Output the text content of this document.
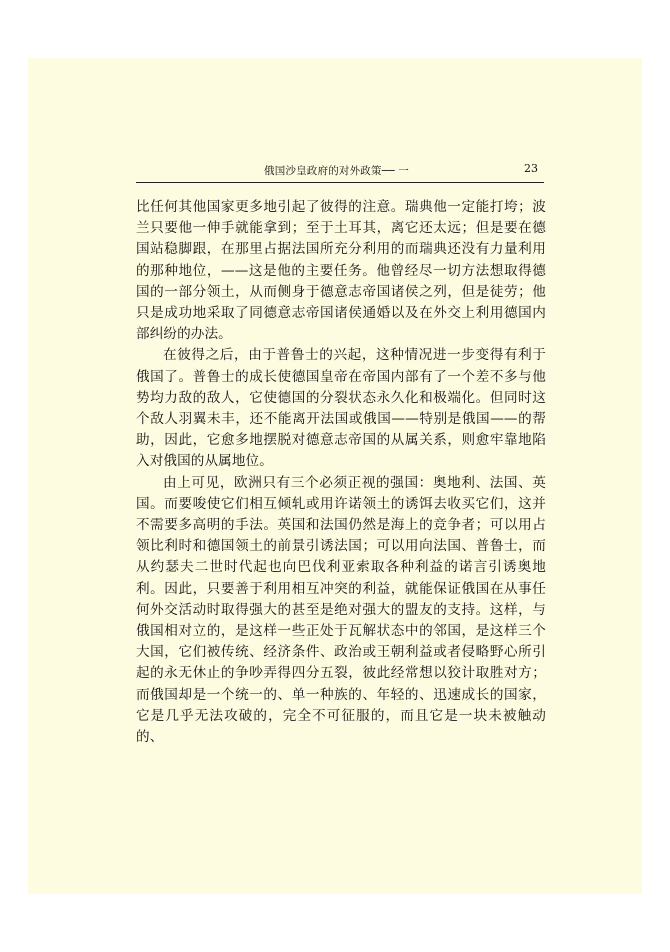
俄国沙皇政府的对外政策── 一	23

比任何其他国家更多地引起了彼得的注意。瑞典他一定能打垮；波兰只要他一伸手就能拿到；至于土耳其，离它还太远；但是要在德国站稳脚跟，在那里占据法国所充分利用的而瑞典还没有力量利用的那种地位，——这是他的主要任务。他曾经尽一切方法想取得德国的一部分领土，从而侧身于德意志帝国诸侯之列，但是徒劳；他只是成功地采取了同德意志帝国诸侯通婚以及在外交上利用德国内部纠纷的办法。

在彼得之后，由于普鲁士的兴起，这种情况进一步变得有利于俄国了。普鲁士的成长使德国皇帝在帝国内部有了一个差不多与他势均力敌的敌人，它使德国的分裂状态永久化和极端化。但同时这个敌人羽翼未丰，还不能离开法国或俄国——特别是俄国——的帮助，因此，它愈多地摆脱对德意志帝国的从属关系，则愈牢靠地陷入对俄国的从属地位。

由上可见，欧洲只有三个必须正视的强国：奥地利、法国、英国。而要唆使它们相互倾轧或用许诺领土的诱饵去收买它们，这并不需要多高明的手法。英国和法国仍然是海上的竞争者；可以用占领比利时和德国领土的前景引诱法国；可以用向法国、普鲁士，而从约瑟夫二世时代起也向巴伐利亚索取各种利益的诺言引诱奥地利。因此，只要善于利用相互冲突的利益，就能保证俄国在从事任何外交活动时取得强大的甚至是绝对强大的盟友的支持。这样，与俄国相对立的，是这样一些正处于瓦解状态中的邻国，是这样三个大国，它们被传统、经济条件、政治或王朝利益或者侵略野心所引起的永无休止的争吵弄得四分五裂，彼此经常想以狡计取胜对方；而俄国却是一个统一的、单一种族的、年轻的、迅速成长的国家，它是几乎无法攻破的，完全不可征服的，而且它是一块未被触动的、
